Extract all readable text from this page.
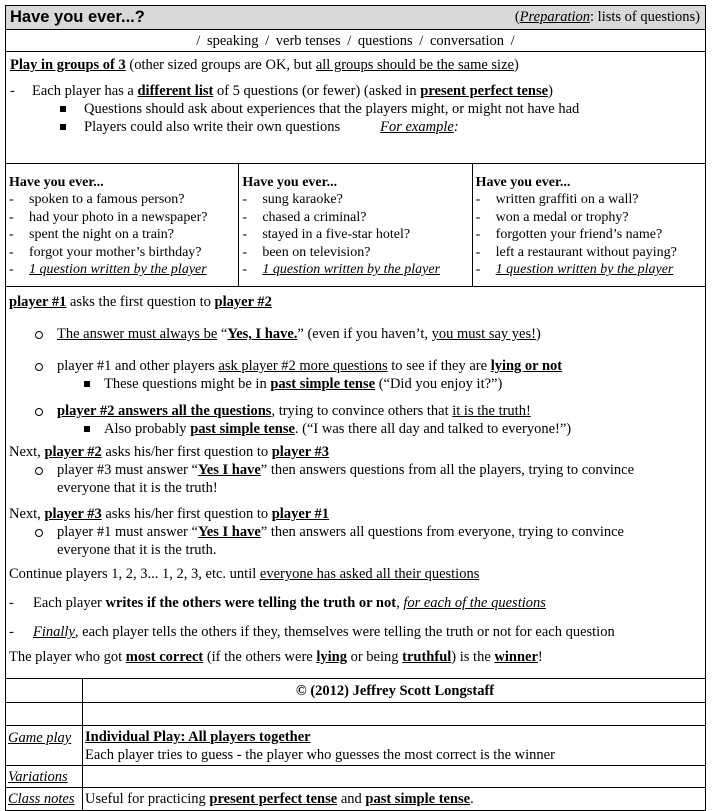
Have you ever...?	(Preparation: lists of questions)
/ speaking / verb tenses / questions / conversation /
Play in groups of 3 (other sized groups are OK, but all groups should be the same size)
- Each player has a different list of 5 questions (or fewer) (asked in present perfect tense)
Questions should ask about experiences that the players might, or might not have had
Players could also write their own questions	For example:
Have you ever...
- spoken to a famous person?
- had your photo in a newspaper?
- spent the night on a train?
- forgot your mother’s birthday?
- 1 question written by the player
Have you ever...
- sung karaoke?
- chased a criminal?
- stayed in a five-star hotel?
- been on television?
- 1 question written by the player
Have you ever...
- written graffiti on a wall?
- won a medal or trophy?
- forgotten your friend’s name?
- left a restaurant without paying?
- 1 question written by the player
player #1 asks the first question to player #2
The answer must always be “Yes, I have.” (even if you haven’t, you must say yes!)
player #1 and other players ask player #2 more questions to see if they are lying or not
These questions might be in past simple tense (“Did you enjoy it?”)
player #2 answers all the questions, trying to convince others that it is the truth!
Also probably past simple tense. (“I was there all day and talked to everyone!”)
Next, player #2 asks his/her first question to player #3
player #3 must answer “Yes I have” then answers questions from all the players, trying to convince
everyone that it is the truth!
Next, player #3 asks his/her first question to player #1
player #1 must answer “Yes I have” then answers all questions from everyone, trying to convince
everyone that it is the truth.
Continue players 1, 2, 3... 1, 2, 3, etc. until everyone has asked all their questions
- Each player writes if the others were telling the truth or not, for each of the questions
- Finally, each player tells the others if they, themselves were telling the truth or not for each question
The player who got most correct (if the others were lying or being truthful) is the winner!
© (2012) Jeffrey Scott Longstaff
Game play Individual Play: All players together
Each player tries to guess - the player who guesses the most correct is the winner
Variations
Class notes Useful for practicing present perfect tense and past simple tense.
